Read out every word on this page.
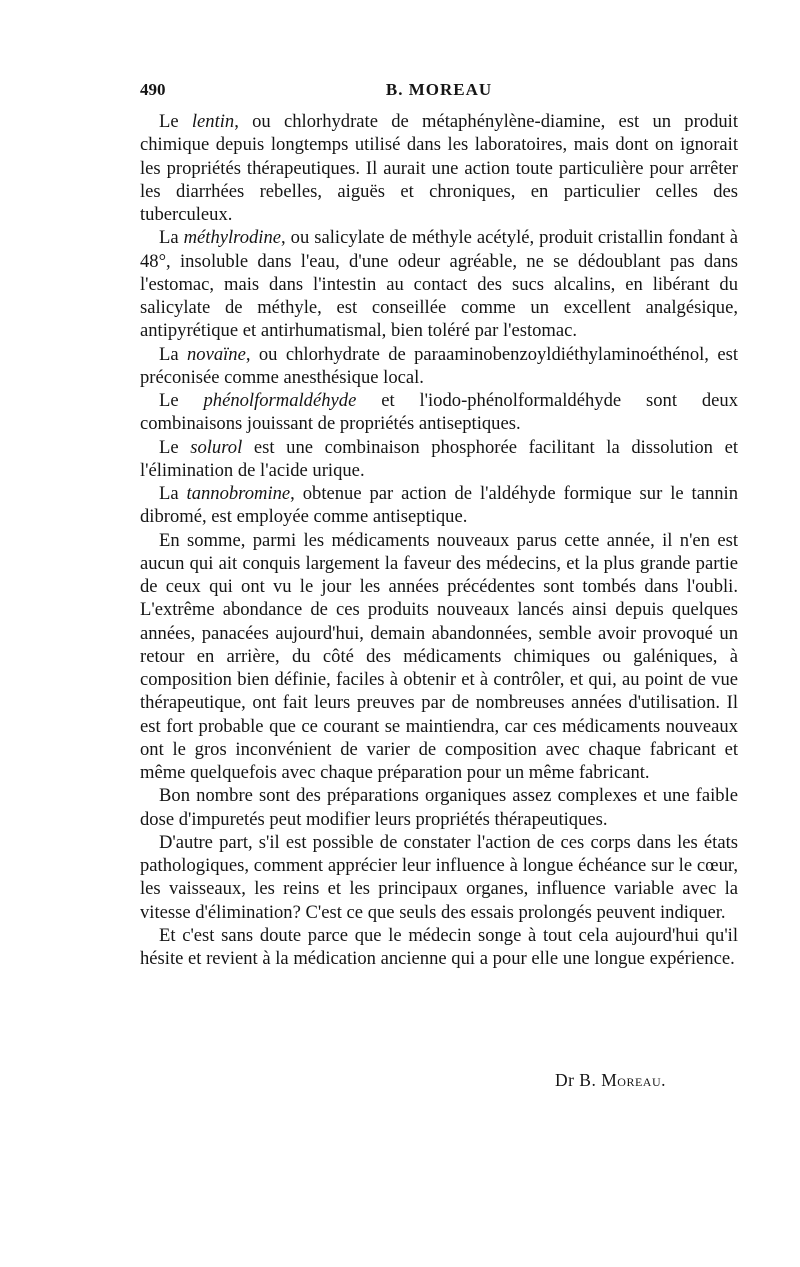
490	B. MOREAU

Le lentin, ou chlorhydrate de métaphénylène-diamine, est un produit chimique depuis longtemps utilisé dans les laboratoires, mais dont on ignorait les propriétés thérapeutiques. Il aurait une action toute particulière pour arrêter les diarrhées rebelles, aiguës et chroniques, en particulier celles des tuberculeux.

La méthylrodine, ou salicylate de méthyle acétylé, produit cristallin fondant à 48°, insoluble dans l'eau, d'une odeur agréable, ne se dédoublant pas dans l'estomac, mais dans l'intestin au contact des sucs alcalins, en libérant du salicylate de méthyle, est conseillée comme un excellent analgésique, antipyrétique et antirhumatismal, bien toléré par l'estomac.

La novaïne, ou chlorhydrate de paraaminobenzoyldiéthylaminoéthénol, est préconisée comme anesthésique local.

Le phénolformaldéhyde et l'iodo-phénolformaldéhyde sont deux combinaisons jouissant de propriétés antiseptiques.

Le solurol est une combinaison phosphorée facilitant la dissolution et l'élimination de l'acide urique.

La tannobromine, obtenue par action de l'aldéhyde formique sur le tannin dibromé, est employée comme antiseptique.

En somme, parmi les médicaments nouveaux parus cette année, il n'en est aucun qui ait conquis largement la faveur des médecins, et la plus grande partie de ceux qui ont vu le jour les années précédentes sont tombés dans l'oubli. L'extrême abondance de ces produits nouveaux lancés ainsi depuis quelques années, panacées aujourd'hui, demain abandonnées, semble avoir provoqué un retour en arrière, du côté des médicaments chimiques ou galéniques, à composition bien définie, faciles à obtenir et à contrôler, et qui, au point de vue thérapeutique, ont fait leurs preuves par de nombreuses années d'utilisation. Il est fort probable que ce courant se maintiendra, car ces médicaments nouveaux ont le gros inconvénient de varier de composition avec chaque fabricant et même quelquefois avec chaque préparation pour un même fabricant.

Bon nombre sont des préparations organiques assez complexes et une faible dose d'impuretés peut modifier leurs propriétés thérapeutiques.

D'autre part, s'il est possible de constater l'action de ces corps dans les états pathologiques, comment apprécier leur influence à longue échéance sur le cœur, les vaisseaux, les reins et les principaux organes, influence variable avec la vitesse d'élimination? C'est ce que seuls des essais prolongés peuvent indiquer.

Et c'est sans doute parce que le médecin songe à tout cela aujourd'hui qu'il hésite et revient à la médication ancienne qui a pour elle une longue expérience.

Dr B. Moreau.
